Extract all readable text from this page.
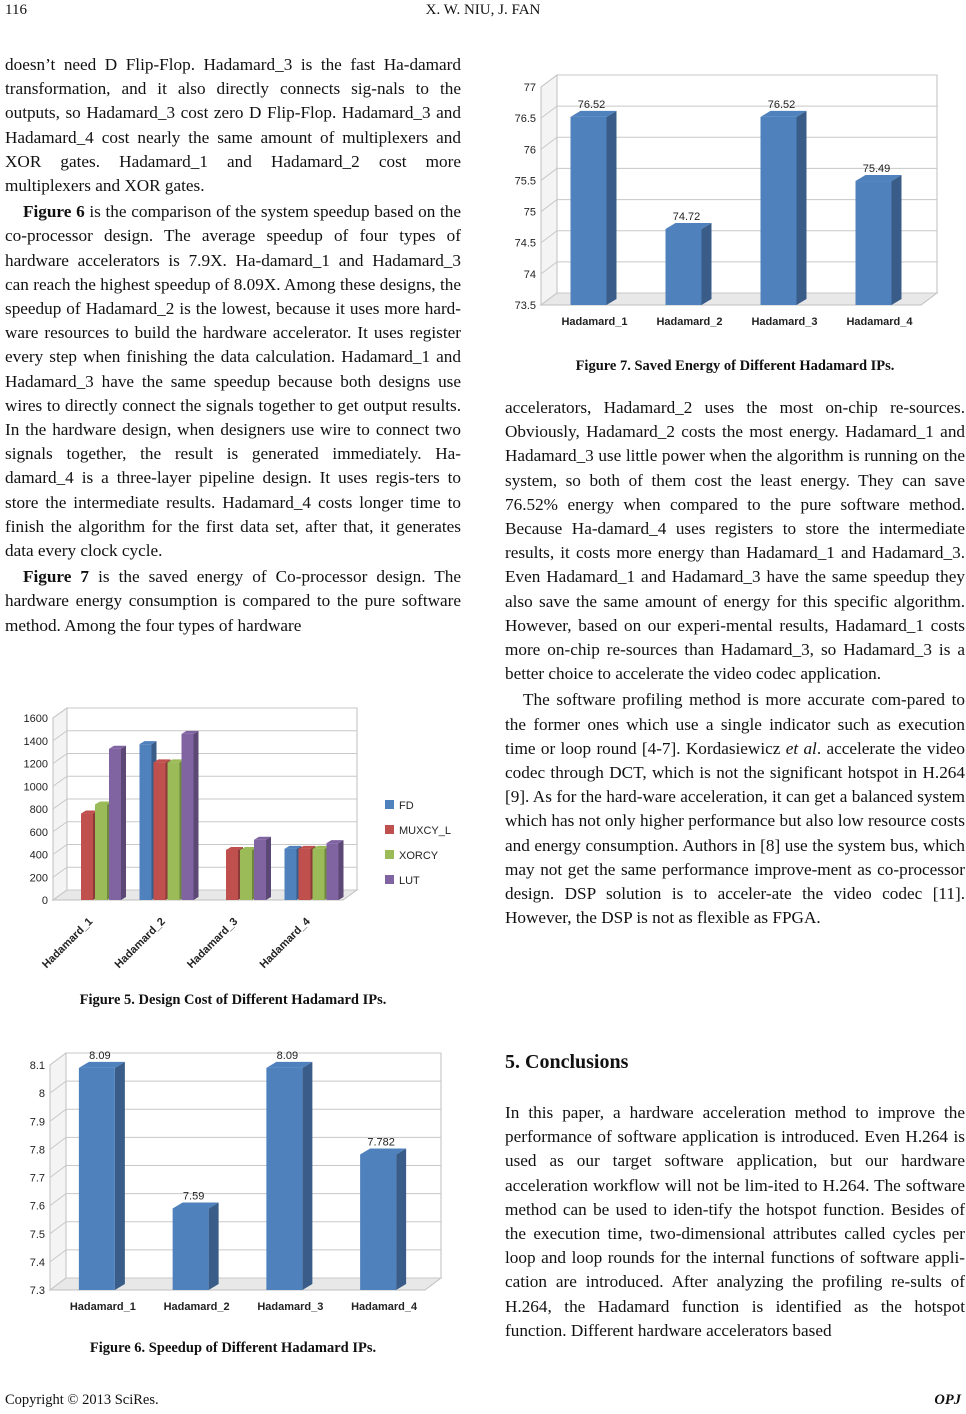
116	X. W. NIU, J. FAN

doesn’t need D Flip-Flop. Hadamard_3 is the fast Ha-damard transformation, and it also directly connects sig-nals to the outputs, so Hadamard_3 cost zero D Flip-Flop. Hadamard_3 and Hadamard_4 cost nearly the same amount of multiplexers and XOR gates. Hadamard_1 and Hadamard_2 cost more multiplexers and XOR gates.

Figure 6 is the comparison of the system speedup based on the co-processor design. The average speedup of four types of hardware accelerators is 7.9X. Ha-damard_1 and Hadamard_3 can reach the highest speedup of 8.09X. Among these designs, the speedup of Hadamard_2 is the lowest, because it uses more hard-ware resources to build the hardware accelerator. It uses register every step when finishing the data calculation. Hadamard_1 and Hadamard_3 have the same speedup because both designs use wires to directly connect the signals together to get output results. In the hardware design, when designers use wire to connect two signals together, the result is generated immediately. Ha-damard_4 is a three-layer pipeline design. It uses regis-ters to store the intermediate results. Hadamard_4 costs longer time to finish the algorithm for the first data set, after that, it generates data every clock cycle.

Figure 7 is the saved energy of Co-processor design. The hardware energy consumption is compared to the pure software method. Among the four types of hardware

0
200
400
600
800
1000
1200
1400
1600
Hadamard_1 Hadamard_2 Hadamard_3 Hadamard_4
FD
MUXCY_L
XORCY
LUT
Figure 5. Design Cost of Different Hadamard IPs.
7.3
7.4
7.5
7.6
7.7
7.8
7.9
8
8.1
8.09
Hadamard_1
7.59
Hadamard_2
8.09
Hadamard_3
7.782
Hadamard_4
Figure 6. Speedup of Different Hadamard IPs.
73.5
74
74.5
75
75.5
76
76.5
77
76.52
Hadamard_1
74.72
Hadamard_2
76.52
Hadamard_3
75.49
Hadamard_4
Figure 7. Saved Energy of Different Hadamard IPs.

accelerators, Hadamard_2 uses the most on-chip re-sources. Obviously, Hadamard_2 costs the most energy. Hadamard_1 and Hadamard_3 use little power when the algorithm is running on the system, so both of them cost the least energy. They can save 76.52% energy when compared to the pure software method. Because Ha-damard_4 uses registers to store the intermediate results, it costs more energy than Hadamard_1 and Hadamard_3. Even Hadamard_1 and Hadamard_3 have the same speedup they also save the same amount of energy for this specific algorithm. However, based on our experi-mental results, Hadamard_1 costs more on-chip re-sources than Hadamard_3, so Hadamard_3 is a better choice to accelerate the video codec application.

The software profiling method is more accurate com-pared to the former ones which use a single indicator such as execution time or loop round [4-7]. Kordasiewicz et al. accelerate the video codec through DCT, which is not the significant hotspot in H.264 [9]. As for the hard-ware acceleration, it can get a balanced system which has not only higher performance but also low resource costs and energy consumption. Authors in [8] use the system bus, which may not get the same performance improve-ment as co-processor design. DSP solution is to acceler-ate the video codec [11]. However, the DSP is not as flexible as FPGA.

5. Conclusions

In this paper, a hardware acceleration method to improve the performance of software application is introduced. Even H.264 is used as our target software application, but our hardware acceleration workflow will not be lim-ited to H.264. The software method can be used to iden-tify the hotspot function. Besides of the execution time, two-dimensional attributes called cycles per loop and loop rounds for the internal functions of software appli-cation are introduced. After analyzing the profiling re-sults of H.264, the Hadamard function is identified as the hotspot function. Different hardware accelerators based

Copyright © 2013 SciRes.	OPJ
